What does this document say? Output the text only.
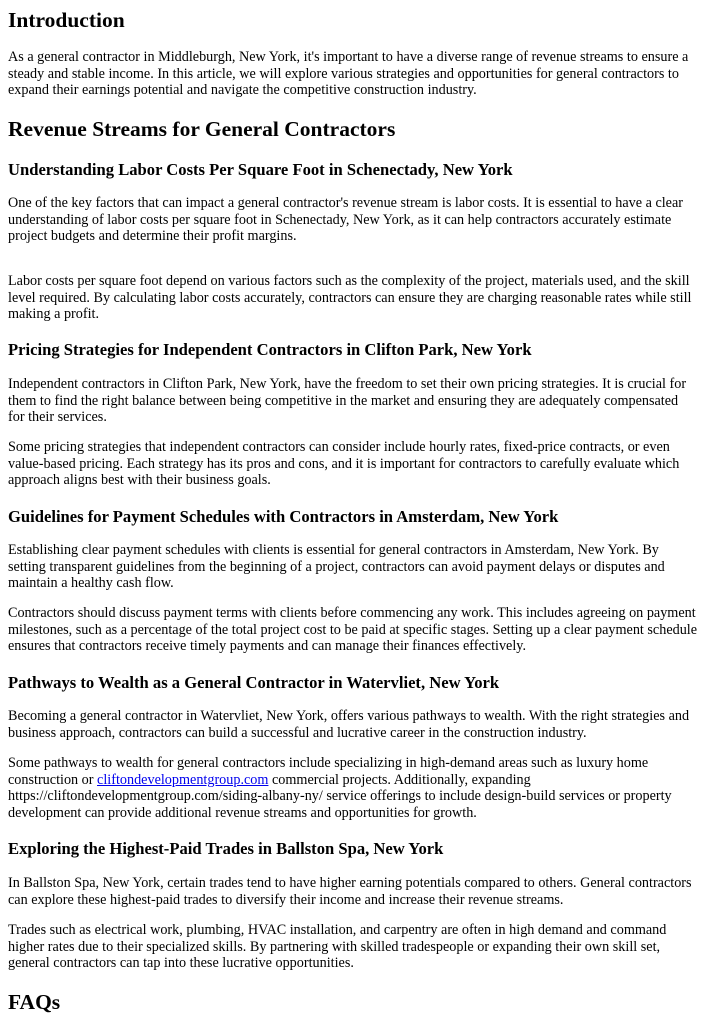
Introduction

As a general contractor in Middleburgh, New York, it's important to have a diverse range of revenue streams to ensure a
steady and stable income. In this article, we will explore various strategies and opportunities for general contractors to
expand their earnings potential and navigate the competitive construction industry.

Revenue Streams for General Contractors
Understanding Labor Costs Per Square Foot in Schenectady, New York

One of the key factors that can impact a general contractor's revenue stream is labor costs. It is essential to have a clear
understanding of labor costs per square foot in Schenectady, New York, as it can help contractors accurately estimate
project budgets and determine their profit margins.

Labor costs per square foot depend on various factors such as the complexity of the project, materials used, and the skill
level required. By calculating labor costs accurately, contractors can ensure they are charging reasonable rates while still
making a profit.

Pricing Strategies for Independent Contractors in Clifton Park, New York

Independent contractors in Clifton Park, New York, have the freedom to set their own pricing strategies. It is crucial for
them to find the right balance between being competitive in the market and ensuring they are adequately compensated
for their services.

Some pricing strategies that independent contractors can consider include hourly rates, fixed-price contracts, or even
value-based pricing. Each strategy has its pros and cons, and it is important for contractors to carefully evaluate which
approach aligns best with their business goals.

Guidelines for Payment Schedules with Contractors in Amsterdam, New York

Establishing clear payment schedules with clients is essential for general contractors in Amsterdam, New York. By
setting transparent guidelines from the beginning of a project, contractors can avoid payment delays or disputes and
maintain a healthy cash flow.

Contractors should discuss payment terms with clients before commencing any work. This includes agreeing on payment
milestones, such as a percentage of the total project cost to be paid at specific stages. Setting up a clear payment schedule
ensures that contractors receive timely payments and can manage their finances effectively.

Pathways to Wealth as a General Contractor in Watervliet, New York

Becoming a general contractor in Watervliet, New York, offers various pathways to wealth. With the right strategies and
business approach, contractors can build a successful and lucrative career in the construction industry.

Some pathways to wealth for general contractors include specializing in high-demand areas such as luxury home
construction or cliftondevelopmentgroup.com commercial projects. Additionally, expanding
https://cliftondevelopmentgroup.com/siding-albany-ny/ service offerings to include design-build services or property
development can provide additional revenue streams and opportunities for growth.

Exploring the Highest-Paid Trades in Ballston Spa, New York

In Ballston Spa, New York, certain trades tend to have higher earning potentials compared to others. General contractors
can explore these highest-paid trades to diversify their income and increase their revenue streams.

Trades such as electrical work, plumbing, HVAC installation, and carpentry are often in high demand and command
higher rates due to their specialized skills. By partnering with skilled tradespeople or expanding their own skill set,
general contractors can tap into these lucrative opportunities.

FAQs
